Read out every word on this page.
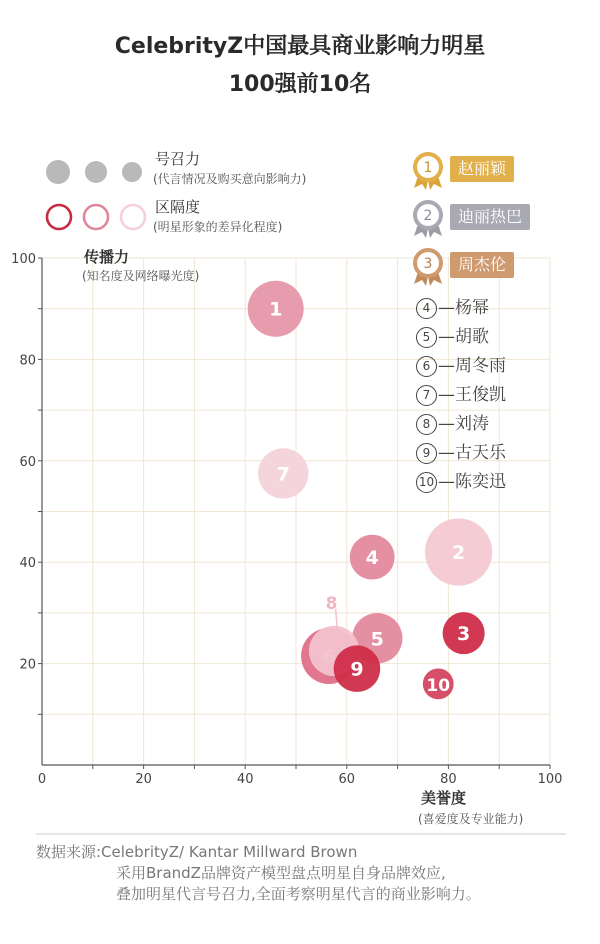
CelebrityZ中国最具商业影响力明星
100强前10名
号召力
(代言情况及购买意向影响力)
区隔度
(明星形象的差异化程度)
0	20	40	60	80	100
20
40
60
80
100	传播力
(知名度及网络曝光度)
美誉度
(喜爱度及专业能力)
1
2
3
4
5
7
8
9
10
1	赵丽颖
2	迪丽热巴
3	周杰伦
4 —杨幂
5 —胡歌
6 —周冬雨
7 —王俊凯
8 —刘涛
9 —古天乐
10 —陈奕迅
数据来源:CelebrityZ/ Kantar Millward Brown
采用BrandZ品牌资产模型盘点明星自身品牌效应,
叠加明星代言号召力,全面考察明星代言的商业影响力。
